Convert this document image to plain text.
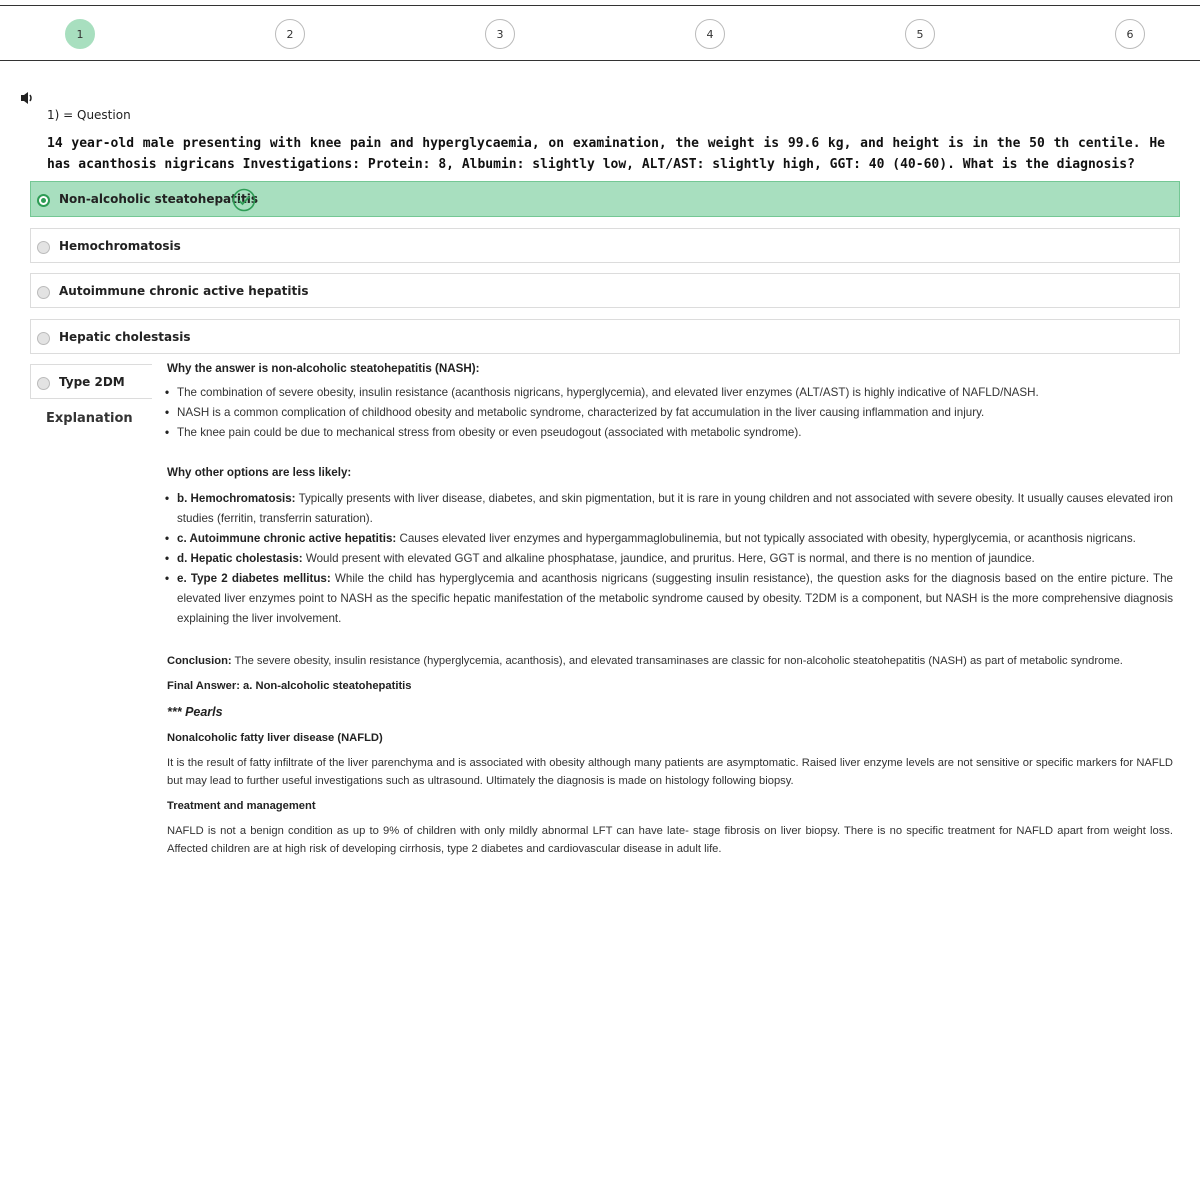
1	2	3	4	5	6
1) = Question
14 year-old male presenting with knee pain and hyperglycaemia, on examination, the weight is 99.6 kg, and height is in the 50 th centile. He has acanthosis nigricans Investigations: Protein: 8, Albumin: slightly low, ALT/AST: slightly high, GGT: 40 (40-60). What is the diagnosis?
Non-alcoholic steatohepatitis
Hemochromatosis
Autoimmune chronic active hepatitis
Hepatic cholestasis
Type 2DM
Explanation
Why the answer is non-alcoholic steatohepatitis (NASH):
• The combination of severe obesity, insulin resistance (acanthosis nigricans, hyperglycemia), and elevated liver enzymes (ALT/AST) is highly indicative of NAFLD/NASH.
• NASH is a common complication of childhood obesity and metabolic syndrome, characterized by fat accumulation in the liver causing inflammation and injury.
• The knee pain could be due to mechanical stress from obesity or even pseudogout (associated with metabolic syndrome).
Why other options are less likely:
• b. Hemochromatosis: Typically presents with liver disease, diabetes, and skin pigmentation, but it is rare in young children and not associated with severe obesity. It usually causes elevated iron studies (ferritin, transferrin saturation).
• c. Autoimmune chronic active hepatitis: Causes elevated liver enzymes and hypergammaglobulinemia, but not typically associated with obesity, hyperglycemia, or acanthosis nigricans.
• d. Hepatic cholestasis: Would present with elevated GGT and alkaline phosphatase, jaundice, and pruritus. Here, GGT is normal, and there is no mention of jaundice.
• e. Type 2 diabetes mellitus: While the child has hyperglycemia and acanthosis nigricans (suggesting insulin resistance), the question asks for the diagnosis based on the entire picture. The elevated liver enzymes point to NASH as the specific hepatic manifestation of the metabolic syndrome caused by obesity. T2DM is a component, but NASH is the more comprehensive diagnosis explaining the liver involvement.

Conclusion: The severe obesity, insulin resistance (hyperglycemia, acanthosis), and elevated transaminases are classic for non-alcoholic steatohepatitis (NASH) as part of metabolic syndrome.

Final Answer: a. Non-alcoholic steatohepatitis

*** Pearls

Nonalcoholic fatty liver disease (NAFLD)

It is the result of fatty infiltrate of the liver parenchyma and is associated with obesity although many patients are asymptomatic. Raised liver enzyme levels are not sensitive or specific markers for NAFLD but may lead to further useful investigations such as ultrasound. Ultimately the diagnosis is made on histology following biopsy.

Treatment and management

NAFLD is not a benign condition as up to 9% of children with only mildly abnormal LFT can have late- stage fibrosis on liver biopsy. There is no specific treatment for NAFLD apart from weight loss. Affected children are at high risk of developing cirrhosis, type 2 diabetes and cardiovascular disease in adult life.
